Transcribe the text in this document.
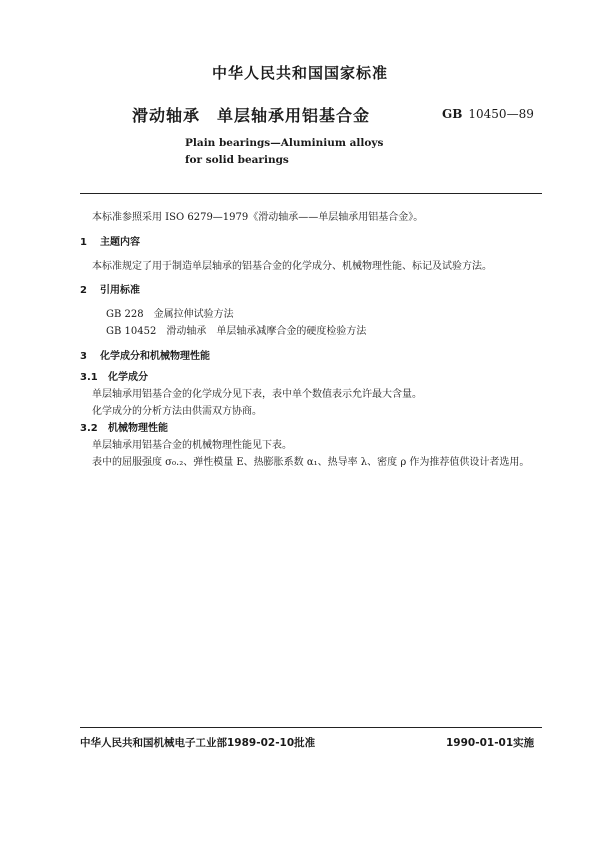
中华人民共和国国家标准
滑动轴承　单层轴承用铝基合金	GB 10450—89
Plain bearings—Aluminium alloys
for solid bearings
本标准参照采用 ISO 6279—1979《滑动轴承——单层轴承用铝基合金》。
1 主题内容
本标准规定了用于制造单层轴承的铝基合金的化学成分、机械物理性能、标记及试验方法。
2 引用标准
GB 228　金属拉伸试验方法
GB 10452　滑动轴承　单层轴承减摩合金的硬度检验方法
3 化学成分和机械物理性能
3.1 化学成分
单层轴承用铝基合金的化学成分见下表，表中单个数值表示允许最大含量。
化学成分的分析方法由供需双方协商。
3.2 机械物理性能
单层轴承用铝基合金的机械物理性能见下表。
表中的屈服强度 σ₀.₂、弹性模量 E、热膨胀系数 α₁、热导率 λ、密度 ρ 作为推荐值供设计者选用。
中华人民共和国机械电子工业部1989-02-10批准	1990-01-01实施
